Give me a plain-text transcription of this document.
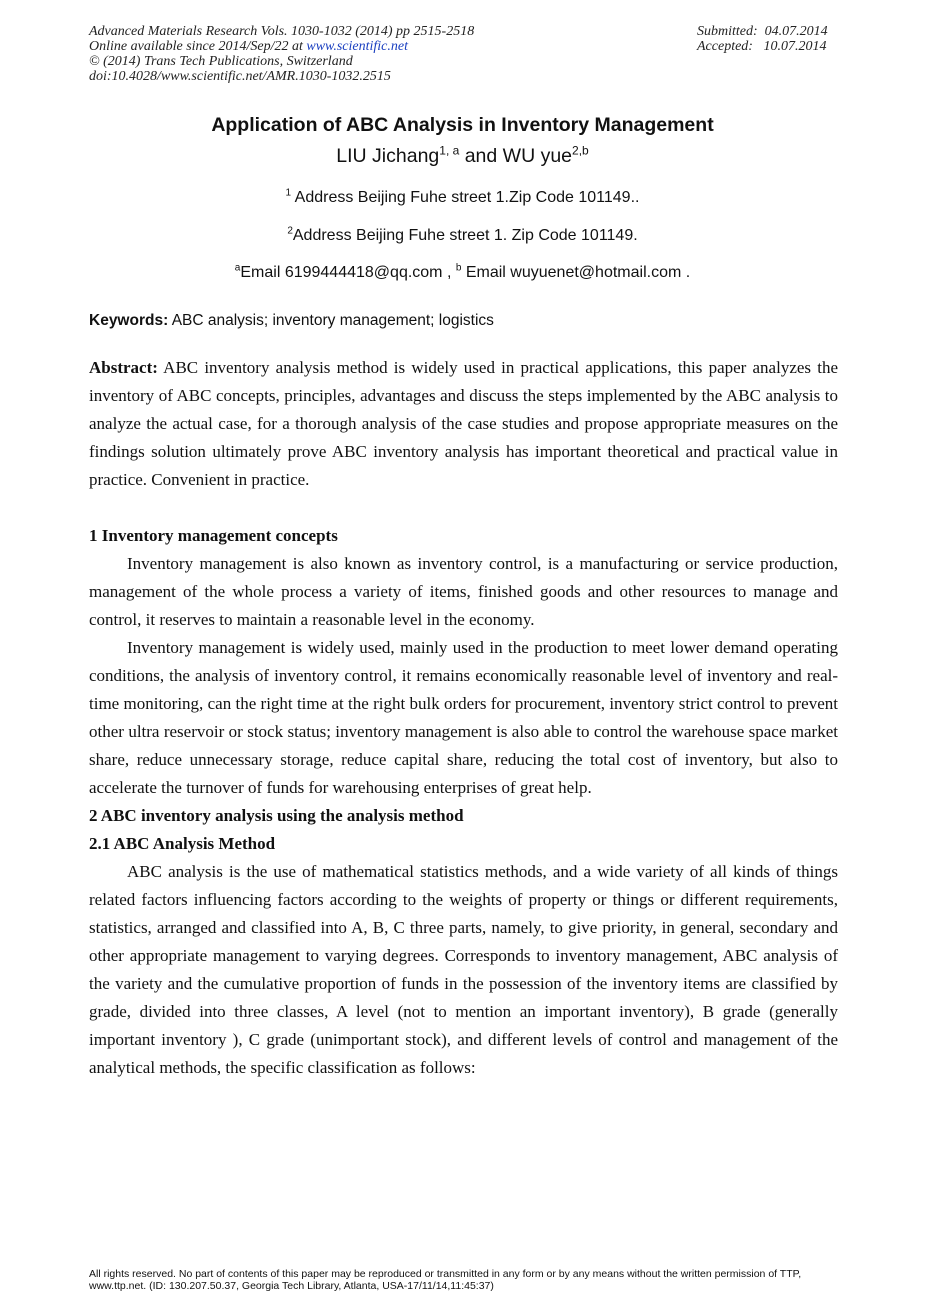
Advanced Materials Research Vols. 1030-1032 (2014) pp 2515-2518
Online available since 2014/Sep/22 at www.scientific.net
© (2014) Trans Tech Publications, Switzerland
doi:10.4028/www.scientific.net/AMR.1030-1032.2515
Submitted:  04.07.2014
Accepted:   10.07.2014
Application of ABC Analysis in Inventory Management
LIU Jichang$^{1, a}$ and WU yue$^{2,b}$
$^1$ Address Beijing Fuhe street 1.Zip Code 101149..
$^2$Address Beijing Fuhe street 1. Zip Code 101149.
$^a$Email 6199444418@qq.com , $^b$ Email wuyuenet@hotmail.com .
Keywords: ABC analysis; inventory management; logistics
Abstract: ABC inventory analysis method is widely used in practical applications, this paper analyzes the inventory of ABC concepts, principles, advantages and discuss the steps implemented by the ABC analysis to analyze the actual case, for a thorough analysis of the case studies and propose appropriate measures on the findings solution ultimately prove ABC inventory analysis has important theoretical and practical value in practice. Convenient in practice.

1 Inventory management concepts

Inventory management is also known as inventory control, is a manufacturing or service production, management of the whole process a variety of items, finished goods and other resources to manage and control, it reserves to maintain a reasonable level in the economy.

Inventory management is widely used, mainly used in the production to meet lower demand operating conditions, the analysis of inventory control, it remains economically reasonable level of inventory and real-time monitoring, can the right time at the right bulk orders for procurement, inventory strict control to prevent other ultra reservoir or stock status; inventory management is also able to control the warehouse space market share, reduce unnecessary storage, reduce capital share, reducing the total cost of inventory, but also to accelerate the turnover of funds for warehousing enterprises of great help.

2 ABC inventory analysis using the analysis method

2.1 ABC Analysis Method

ABC analysis is the use of mathematical statistics methods, and a wide variety of all kinds of things related factors influencing factors according to the weights of property or things or different requirements, statistics, arranged and classified into A, B, C three parts, namely, to give priority, in general, secondary and other appropriate management to varying degrees. Corresponds to inventory management, ABC analysis of the variety and the cumulative proportion of funds in the possession of the inventory items are classified by grade, divided into three classes, A level (not to mention an important inventory), B grade (generally important inventory ), C grade (unimportant stock), and different levels of control and management of the analytical methods, the specific classification as follows:

All rights reserved. No part of contents of this paper may be reproduced or transmitted in any form or by any means without the written permission of TTP,
www.ttp.net. (ID: 130.207.50.37, Georgia Tech Library, Atlanta, USA-17/11/14,11:45:37)
